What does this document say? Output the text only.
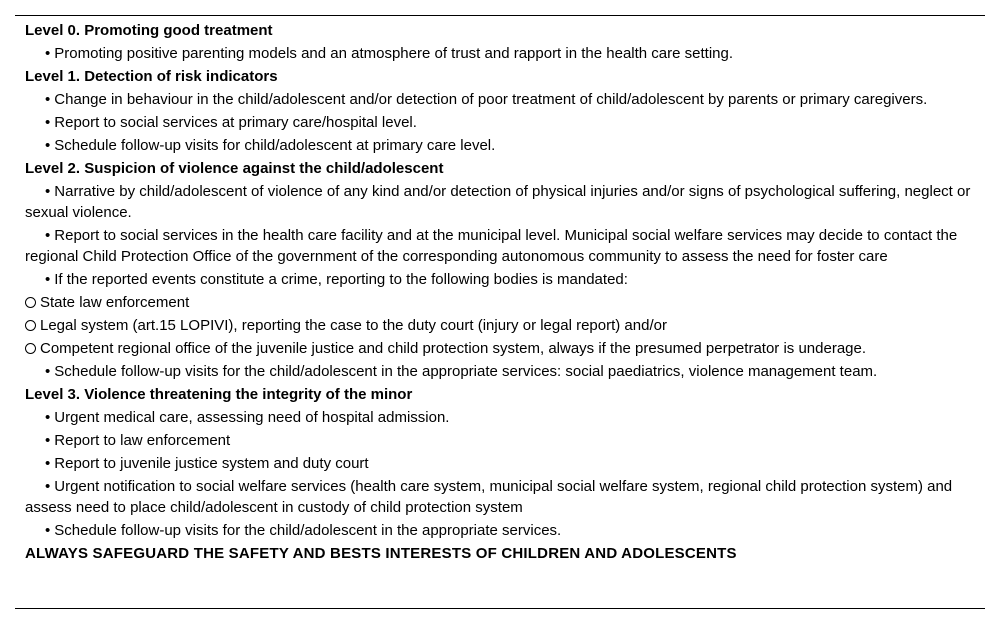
Level 0. Promoting good treatment
• Promoting positive parenting models and an atmosphere of trust and rapport in the health care setting.
Level 1. Detection of risk indicators
• Change in behaviour in the child/adolescent and/or detection of poor treatment of child/adolescent by parents or primary caregivers.
• Report to social services at primary care/hospital level.
• Schedule follow-up visits for child/adolescent at primary care level.
Level 2. Suspicion of violence against the child/adolescent
• Narrative by child/adolescent of violence of any kind and/or detection of physical injuries and/or signs of psychological suffering, neglect or sexual violence.
• Report to social services in the health care facility and at the municipal level. Municipal social welfare services may decide to contact the regional Child Protection Office of the government of the corresponding autonomous community to assess the need for foster care
• If the reported events constitute a crime, reporting to the following bodies is mandated:
State law enforcement
Legal system (art.15 LOPIVI), reporting the case to the duty court (injury or legal report) and/or
Competent regional office of the juvenile justice and child protection system, always if the presumed perpetrator is underage.
• Schedule follow-up visits for the child/adolescent in the appropriate services: social paediatrics, violence management team.
Level 3. Violence threatening the integrity of the minor
• Urgent medical care, assessing need of hospital admission.
• Report to law enforcement
• Report to juvenile justice system and duty court
• Urgent notification to social welfare services (health care system, municipal social welfare system, regional child protection system) and assess need to place child/adolescent in custody of child protection system
• Schedule follow-up visits for the child/adolescent in the appropriate services.
ALWAYS SAFEGUARD THE SAFETY AND BESTS INTERESTS OF CHILDREN AND ADOLESCENTS
